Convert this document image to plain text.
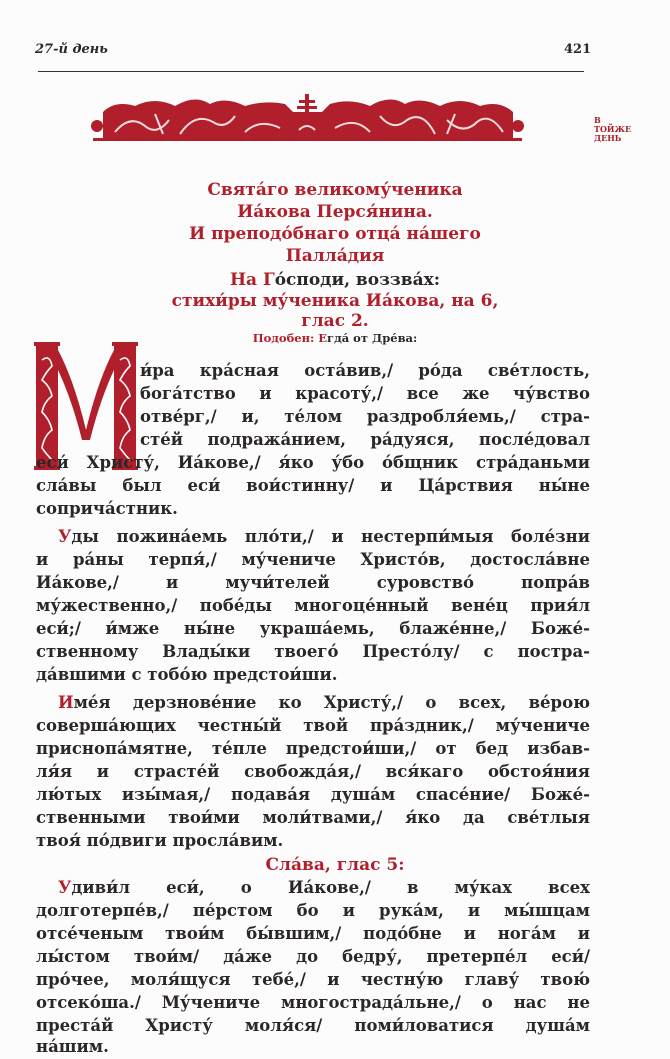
27-й день	421
В
ТОЙЖЕ
ДЕНЬ
Свята́го великому́ченика
Иа́кова Перся́нина.
И преподо́бнаго отца́ на́шего
Палла́дия
На Го́споди, воззва́х:
стихи́ры му́ченика Иа́кова, на 6,
глас 2.
Подобен: Егда́ от Дре́ва:
и́ра кра́сная оста́вив,/ ро́да све́тлость,
бога́тство и красоту́,/ все же чу́вство
отве́рг,/ и, те́лом раздробля́емь,/ стра-
сте́й подража́нием, ра́дуяся, после́довал
еси́ Христу́, Иа́кове,/ я́ко у́бо о́бщник стра́даньми
сла́вы был еси́ вои́стинну/ и Ца́рствия ны́не
соприча́стник.
Уды пожина́емь пло́ти,/ и нестерпи́мыя боле́зни
и ра́ны терпя́,/ му́чениче Христо́в, достосла́вне
Иа́кове,/ и мучи́телей суровство́ попра́в
му́жественно,/ побе́ды многоце́нный вене́ц прия́л
еси́;/ и́мже ны́не украша́емь, блаже́нне,/ Боже́-
ственному Влады́ки твоего́ Престо́лу/ с постра-
да́вшими с тобо́ю предстои́ши.
Име́я дерзнове́ние ко Христу́,/ о всех, ве́рою
соверша́ющих честны́й твой пра́здник,/ му́чениче
приснопа́мятне, те́пле предстои́ши,/ от бед избав-
ля́я и страсте́й свобожда́я,/ вся́каго обстоя́ния
лю́тых изы́мая,/ подава́я душа́м спасе́ние/ Боже́-
ственными твои́ми моли́твами,/ я́ко да све́тлыя
твоя́ по́двиги просла́вим.
Сла́ва, глас 5:
Удиви́л еси́, о Иа́кове,/ в му́ках всех
долготерпе́в,/ пе́рстом бо и рука́м, и мы́шцам
отсе́ченым твои́м бы́вшим,/ подо́бне и нога́м и
лы́стом твои́м/ да́же до бедру́, претерпе́л еси́/
про́чее, моля́щуся тебе́,/ и честну́ю главу́ твою́
отсеко́ша./ Му́чениче многострада́льне,/ о нас не
преста́й Христу́ моля́ся/ поми́ловатися душа́м
на́шим.
